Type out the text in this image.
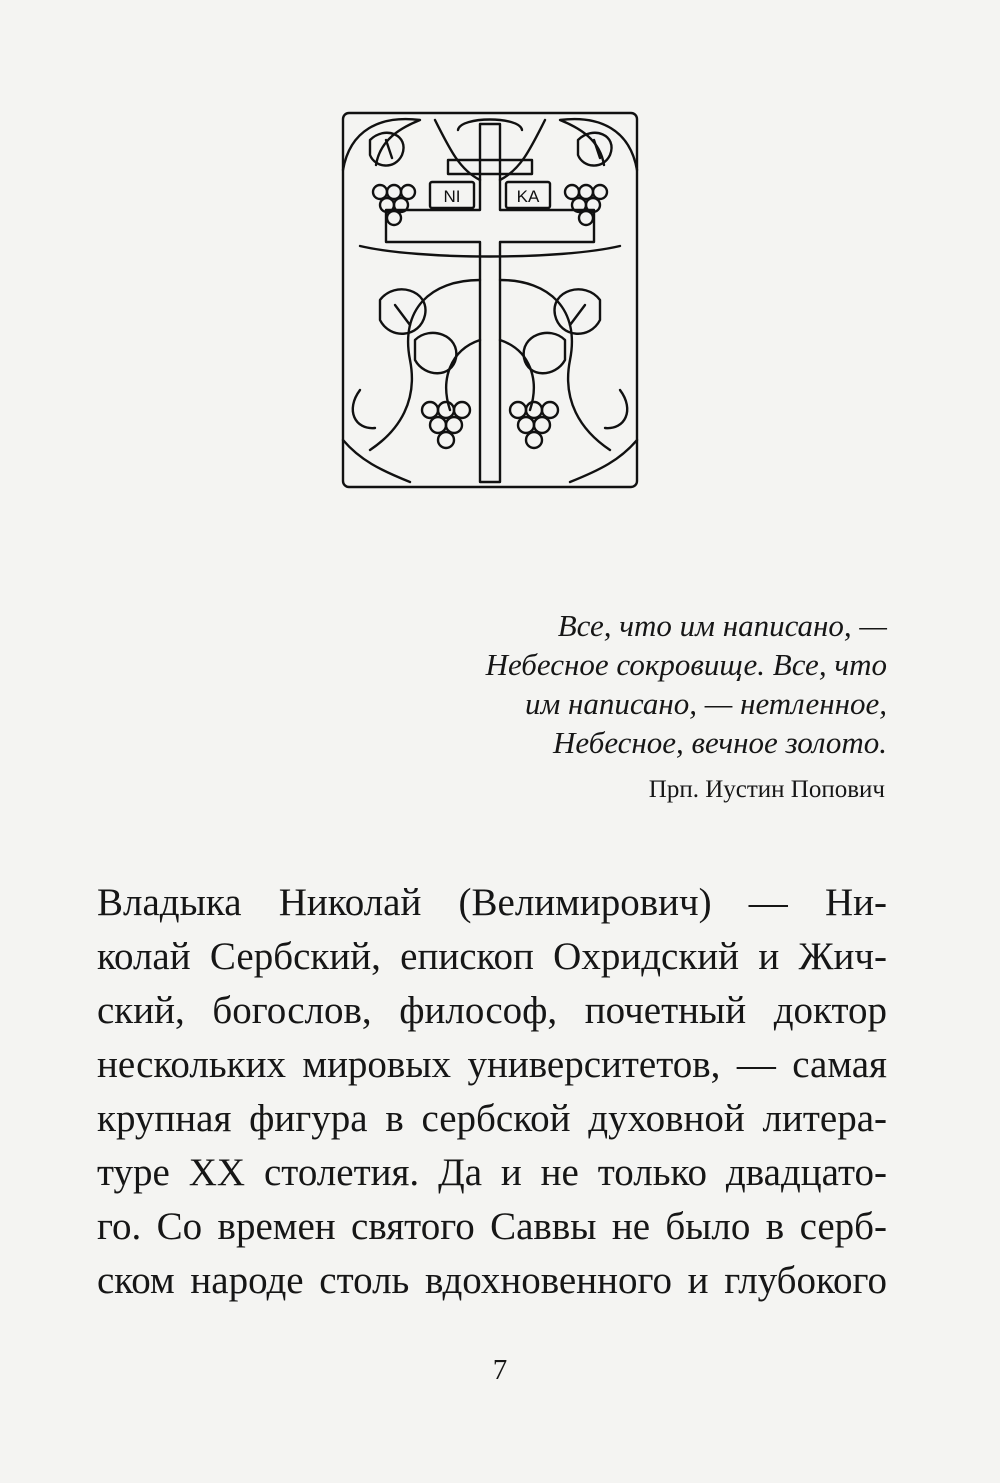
NI	KA

Все, что им написано, —
Небесное сокровище. Все, что
им написано, — нетленное,
Небесное, вечное золото.

Прп. Иустин Попович

Владыка Николай (Велимирович) — Ни-
колай Сербский, епископ Охридский и Жич-
ский, богослов, философ, почетный доктор
нескольких мировых университетов, — самая
крупная фигура в сербской духовной литера-
туре XX столетия. Да и не только двадцато-
го. Со времен святого Саввы не было в серб-
ском народе столь вдохновенного и глубокого

7
